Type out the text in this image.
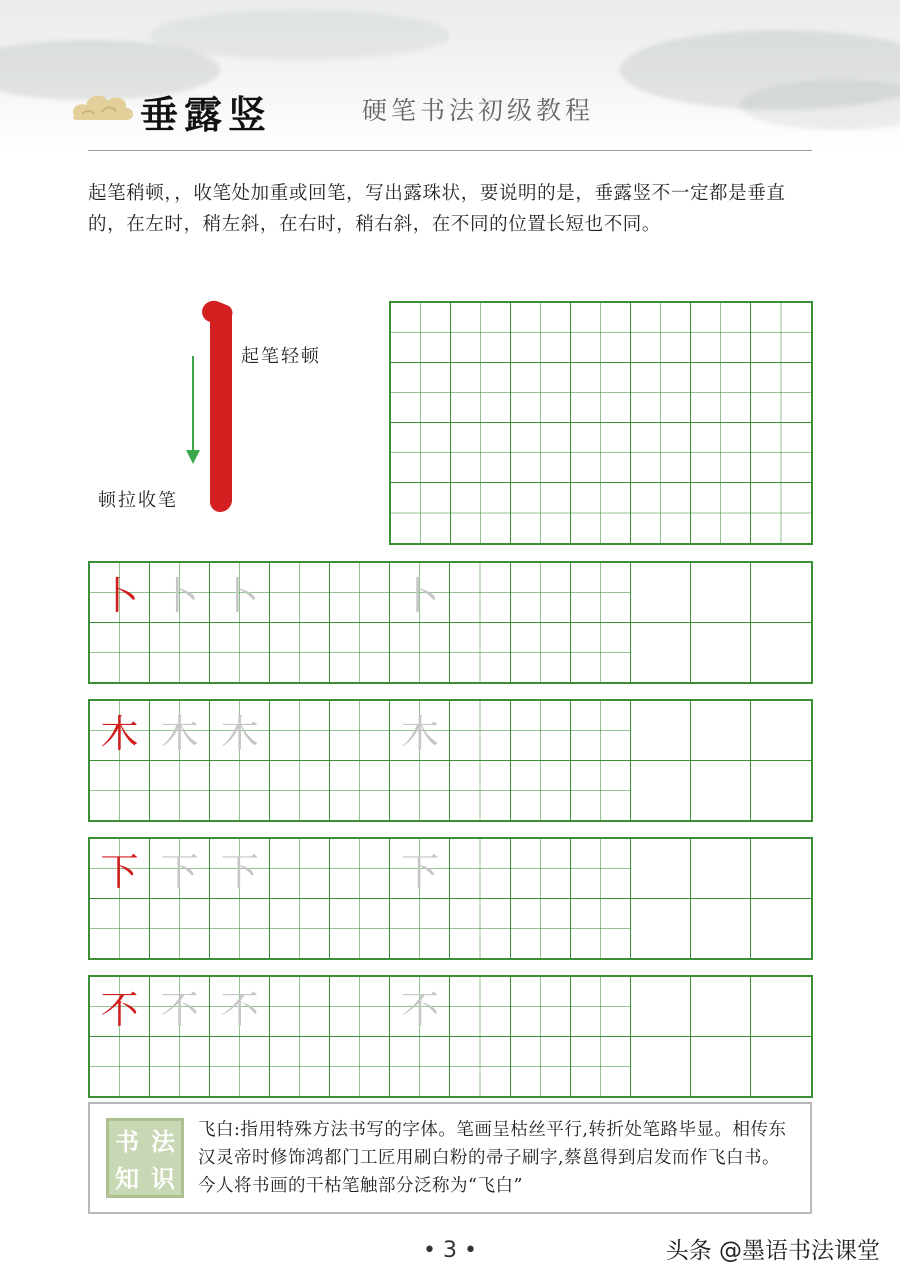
垂露竖	硬笔书法初级教程
起笔稍顿，，收笔处加重或回笔，写出露珠状，要说明的是，垂露竖不一定都是垂直的，在左时，稍左斜，在右时，稍右斜，在不同的位置长短也不同。
起笔轻顿
顿拉收笔
卜 卜 卜	卜
木 木 木	木
下 下 下	下
不 不 不	不
书 法
知 识
飞白:指用特殊方法书写的字体。笔画呈枯丝平行,转折处笔路毕显。相传东汉灵帝时修饰鸿都门工匠用刷白粉的帚子刷字,蔡邕得到启发而作飞白书。今人将书画的干枯笔触部分泛称为“飞白”
• 3 •	头条 @墨语书法课堂
